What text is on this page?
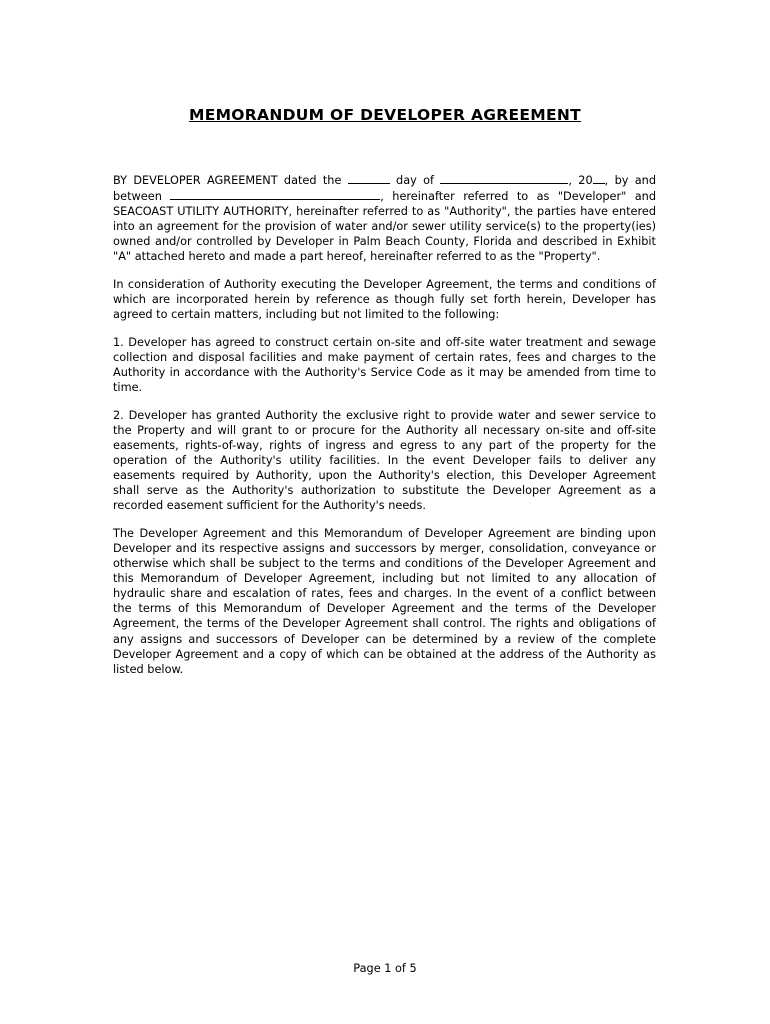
MEMORANDUM OF DEVELOPER AGREEMENT

BY DEVELOPER AGREEMENT dated the	day of	, 20 , by and between	, hereinafter referred to as "Developer" and SEACOAST UTILITY AUTHORITY, hereinafter referred to as "Authority", the parties have entered into an agreement for the provision of water and/or sewer utility service(s) to the property(ies) owned and/or controlled by Developer in Palm Beach County, Florida and described in Exhibit "A" attached hereto and made a part hereof, hereinafter referred to as the "Property".

In consideration of Authority executing the Developer Agreement, the terms and conditions of which are incorporated herein by reference as though fully set forth herein, Developer has agreed to certain matters, including but not limited to the following:

1. Developer has agreed to construct certain on-site and off-site water treatment and sewage collection and disposal facilities and make payment of certain rates, fees and charges to the Authority in accordance with the Authority's Service Code as it may be amended from time to time.

2. Developer has granted Authority the exclusive right to provide water and sewer service to the Property and will grant to or procure for the Authority all necessary on-site and off-site easements, rights-of-way, rights of ingress and egress to any part of the property for the operation of the Authority's utility facilities. In the event Developer fails to deliver any easements required by Authority, upon the Authority's election, this Developer Agreement shall serve as the Authority's authorization to substitute the Developer Agreement as a recorded easement sufficient for the Authority's needs.

The Developer Agreement and this Memorandum of Developer Agreement are binding upon Developer and its respective assigns and successors by merger, consolidation, conveyance or otherwise which shall be subject to the terms and conditions of the Developer Agreement and this Memorandum of Developer Agreement, including but not limited to any allocation of hydraulic share and escalation of rates, fees and charges. In the event of a conflict between the terms of this Memorandum of Developer Agreement and the terms of the Developer Agreement, the terms of the Developer Agreement shall control. The rights and obligations of any assigns and successors of Developer can be determined by a review of the complete Developer Agreement and a copy of which can be obtained at the address of the Authority as listed below.

Page 1 of 5
